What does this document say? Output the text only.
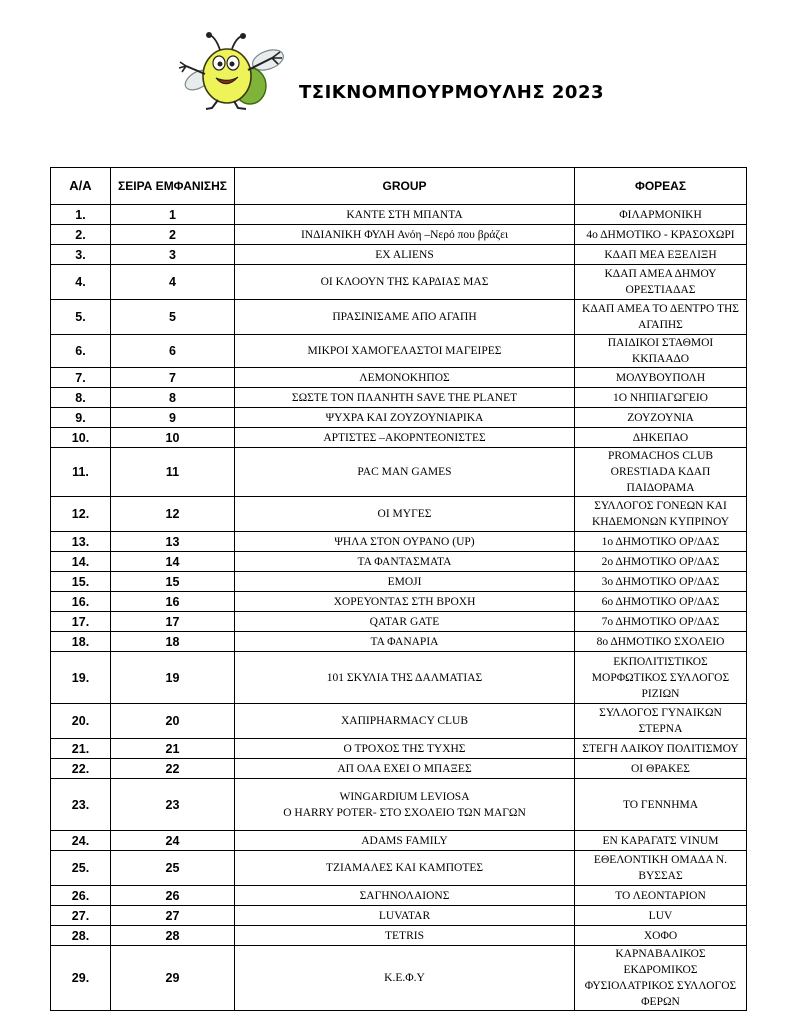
ΤΣΙΚΝΟΜΠΟΥΡΜΟΥΛΗΣ 2023
Α/Α	ΣΕΙΡΑ ΕΜΦΑΝΙΣΗΣ	GROUP	ΦΟΡΕΑΣ
1.	1	ΚΑΝΤΕ ΣΤΗ ΜΠΑΝΤΑ	ΦΙΛΑΡΜΟΝΙΚΗ
2.	2	ΙΝΔΙΑΝΙΚΗ ΦΥΛΗ Ανόη –Νερό που βράζει	4ο ΔΗΜΟΤΙΚΟ - ΚΡΑΣΟΧΩΡΙ
3.	3	EX ALIENS	ΚΔΑΠ ΜΕΑ ΕΞΕΛΙΞΗ
4.	4	ΟΙ ΚΛΟΟΥΝ ΤΗΣ ΚΑΡΔΙΑΣ ΜΑΣ	ΚΔΑΠ ΑΜΕΑ ΔΗΜΟΥ ΟΡΕΣΤΙΑΔΑΣ
5.	5	ΠΡΑΣΙΝΙΣΑΜΕ ΑΠΟ ΑΓΑΠΗ	ΚΔΑΠ ΑΜΕΑ ΤΟ ΔΕΝΤΡΟ ΤΗΣ ΑΓΑΠΗΣ
6.	6	ΜΙΚΡΟΙ ΧΑΜΟΓΕΛΑΣΤΟΙ ΜΑΓΕΙΡΕΣ	ΠΑΙΔΙΚΟΙ ΣΤΑΘΜΟΙ ΚΚΠΑΑΔΟ
7.	7	ΛΕΜΟΝΟΚΗΠΟΣ	ΜΟΛΥΒΟΥΠΟΛΗ
8.	8	ΣΩΣΤΕ ΤΟΝ ΠΛΑΝΗΤΗ SAVE THE PLANET	1Ο ΝΗΠΙΑΓΩΓΕΙΟ
9.	9	ΨΥΧΡΑ ΚΑΙ ΖΟΥΖΟΥΝΙΑΡΙΚΑ	ΖΟΥΖΟΥΝΙΑ
10.	10	ΑΡΤΙΣΤΕΣ –ΑΚΟΡΝΤΕΟΝΙΣΤΕΣ	ΔΗΚΕΠΑΟ
11.	11	PAC MAN GAMES	PROMACHOS CLUB ORESTIADA ΚΔΑΠ ΠΑΙΔΟΡΑΜΑ
12.	12	ΟΙ ΜΥΓΕΣ	ΣΥΛΛΟΓΟΣ ΓΟΝΕΩΝ ΚΑΙ ΚΗΔΕΜΟΝΩΝ ΚΥΠΡΙΝΟΥ
13.	13	ΨΗΛΑ ΣΤΟΝ ΟΥΡΑΝΟ (UP)	1ο ΔΗΜΟΤΙΚΟ ΟΡ/ΔΑΣ
14.	14	ΤΑ ΦΑΝΤΑΣΜΑΤΑ	2ο ΔΗΜΟΤΙΚΟ ΟΡ/ΔΑΣ
15.	15	EMOJI	3ο ΔΗΜΟΤΙΚΟ ΟΡ/ΔΑΣ
16.	16	ΧΟΡΕΥΟΝΤΑΣ ΣΤΗ ΒΡΟΧΗ	6ο ΔΗΜΟΤΙΚΟ ΟΡ/ΔΑΣ
17.	17	QATAR GATE	7ο ΔΗΜΟΤΙΚΟ ΟΡ/ΔΑΣ
18.	18	ΤΑ ΦΑΝΑΡΙΑ	8ο ΔΗΜΟΤΙΚΟ ΣΧΟΛΕΙΟ
19.	19	101 ΣΚΥΛΙΑ ΤΗΣ ΔΑΛΜΑΤΙΑΣ	ΕΚΠΟΛΙΤΙΣΤΙΚΟΣ ΜΟΡΦΩΤΙΚΟΣ ΣΥΛΛΟΓΟΣ ΡΙΖΙΩΝ
20.	20	ΧΑΠΙPHARMACY CLUB	ΣΥΛΛΟΓΟΣ ΓΥΝΑΙΚΩΝ ΣΤΕΡΝΑ
21.	21	Ο ΤΡΟΧΟΣ ΤΗΣ ΤΥΧΗΣ	ΣΤΕΓΗ ΛΑΙΚΟΥ ΠΟΛΙΤΙΣΜΟΥ
22.	22	ΑΠ ΟΛΑ ΕΧΕΙ Ο ΜΠΑΞΕΣ	ΟΙ ΘΡΑΚΕΣ
23.	23	WINGARDIUM LEVIOSA
Ο HARRY POTER- ΣΤΟ ΣΧΟΛΕΙΟ ΤΩΝ ΜΑΓΩΝ	ΤΟ ΓΕΝΝΗΜΑ
24.	24	ADAMS FAMILY	ΕΝ ΚΑΡΑΓΑΤΣ VINUM
25.	25	ΤΖΙΑΜΑΛΕΣ ΚΑΙ ΚΑΜΠΟΤΕΣ	ΕΘΕΛΟΝΤΙΚΗ ΟΜΑΔΑ Ν. ΒΥΣΣΑΣ
26.	26	ΣΑΓΗΝΟΛΑΙΟΝΣ	ΤΟ ΛΕΟΝΤΑΡΙΟΝ
27.	27	LUVATAR	LUV
28.	28	TETRIS	ΧΟΦΟ
29.	29	Κ.Ε.Φ.Υ	ΚΑΡΝΑΒΑΛΙΚΟΣ ΕΚΔΡΟΜΙΚΟΣ ΦΥΣΙΟΛΑΤΡΙΚΟΣ ΣΥΛΛΟΓΟΣ ΦΕΡΩΝ
